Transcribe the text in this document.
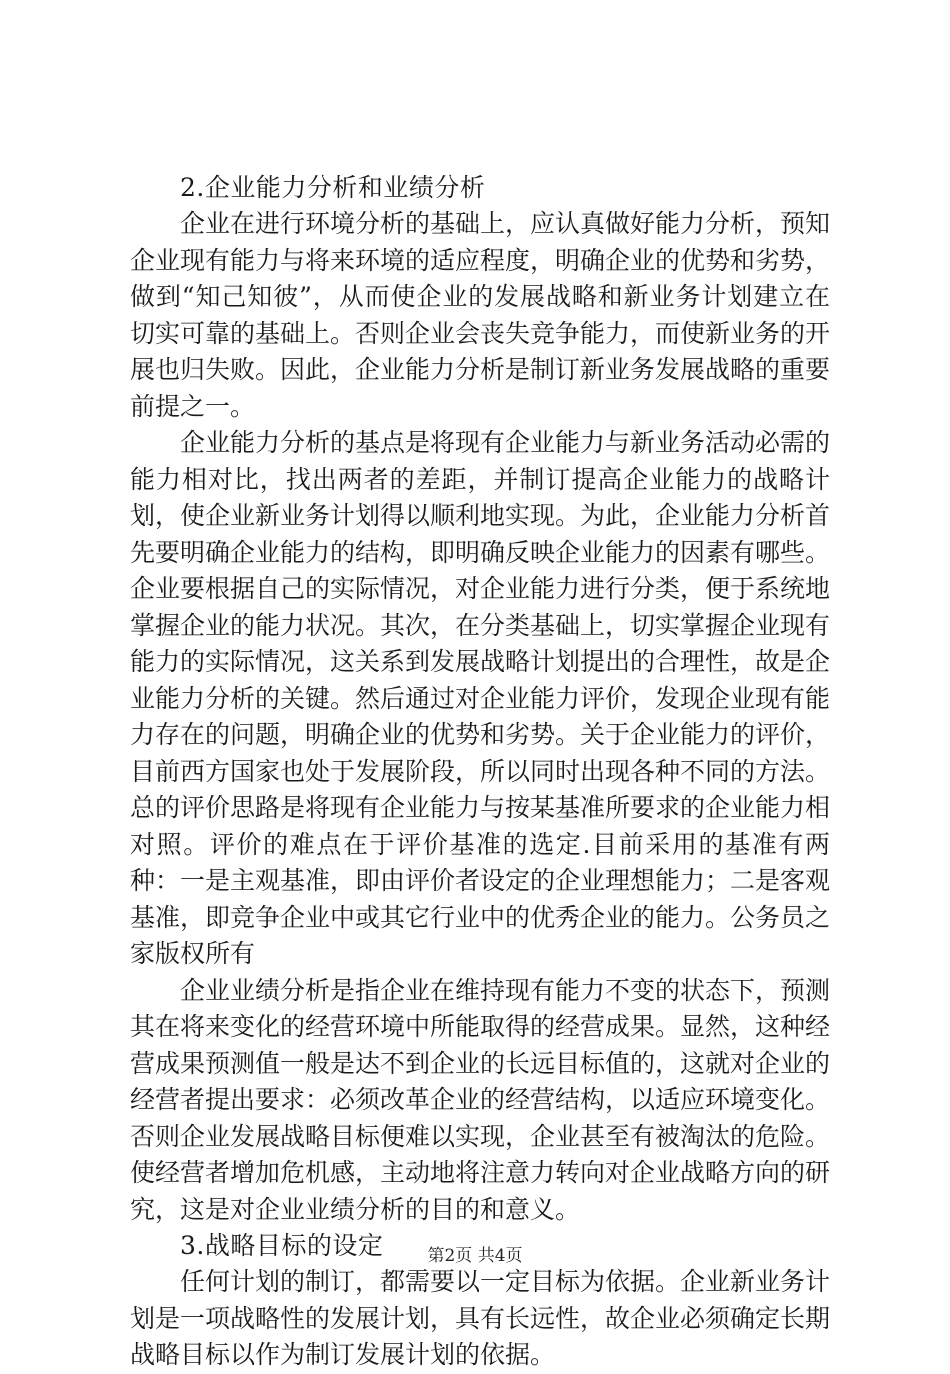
2.企业能力分析和业绩分析

企业在进行环境分析的基础上，应认真做好能力分析，预知企业现有能力与将来环境的适应程度，明确企业的优势和劣势，做到“知己知彼”，从而使企业的发展战略和新业务计划建立在切实可靠的基础上。否则企业会丧失竞争能力，而使新业务的开展也归失败。因此，企业能力分析是制订新业务发展战略的重要前提之一。

企业能力分析的基点是将现有企业能力与新业务活动必需的能力相对比，找出两者的差距，并制订提高企业能力的战略计划，使企业新业务计划得以顺利地实现。为此，企业能力分析首先要明确企业能力的结构，即明确反映企业能力的因素有哪些。企业要根据自己的实际情况，对企业能力进行分类，便于系统地掌握企业的能力状况。其次，在分类基础上，切实掌握企业现有能力的实际情况，这关系到发展战略计划提出的合理性，故是企业能力分析的关键。然后通过对企业能力评价，发现企业现有能力存在的问题，明确企业的优势和劣势。关于企业能力的评价，目前西方国家也处于发展阶段，所以同时出现各种不同的方法。总的评价思路是将现有企业能力与按某基准所要求的企业能力相对照。评价的难点在于评价基准的选定.目前采用的基准有两种：一是主观基准，即由评价者设定的企业理想能力；二是客观基准，即竞争企业中或其它行业中的优秀企业的能力。公务员之家版权所有

企业业绩分析是指企业在维持现有能力不变的状态下，预测其在将来变化的经营环境中所能取得的经营成果。显然，这种经营成果预测值一般是达不到企业的长远目标值的，这就对企业的经营者提出要求：必须改革企业的经营结构，以适应环境变化。否则企业发展战略目标便难以实现，企业甚至有被淘汰的危险。使经营者增加危机感，主动地将注意力转向对企业战略方向的研究，这是对企业业绩分析的目的和意义。

3.战略目标的设定

任何计划的制订，都需要以一定目标为依据。企业新业务计划是一项战略性的发展计划，具有长远性，故企业必须确定长期战略目标以作为制订发展计划的依据。

第2页 共4页
